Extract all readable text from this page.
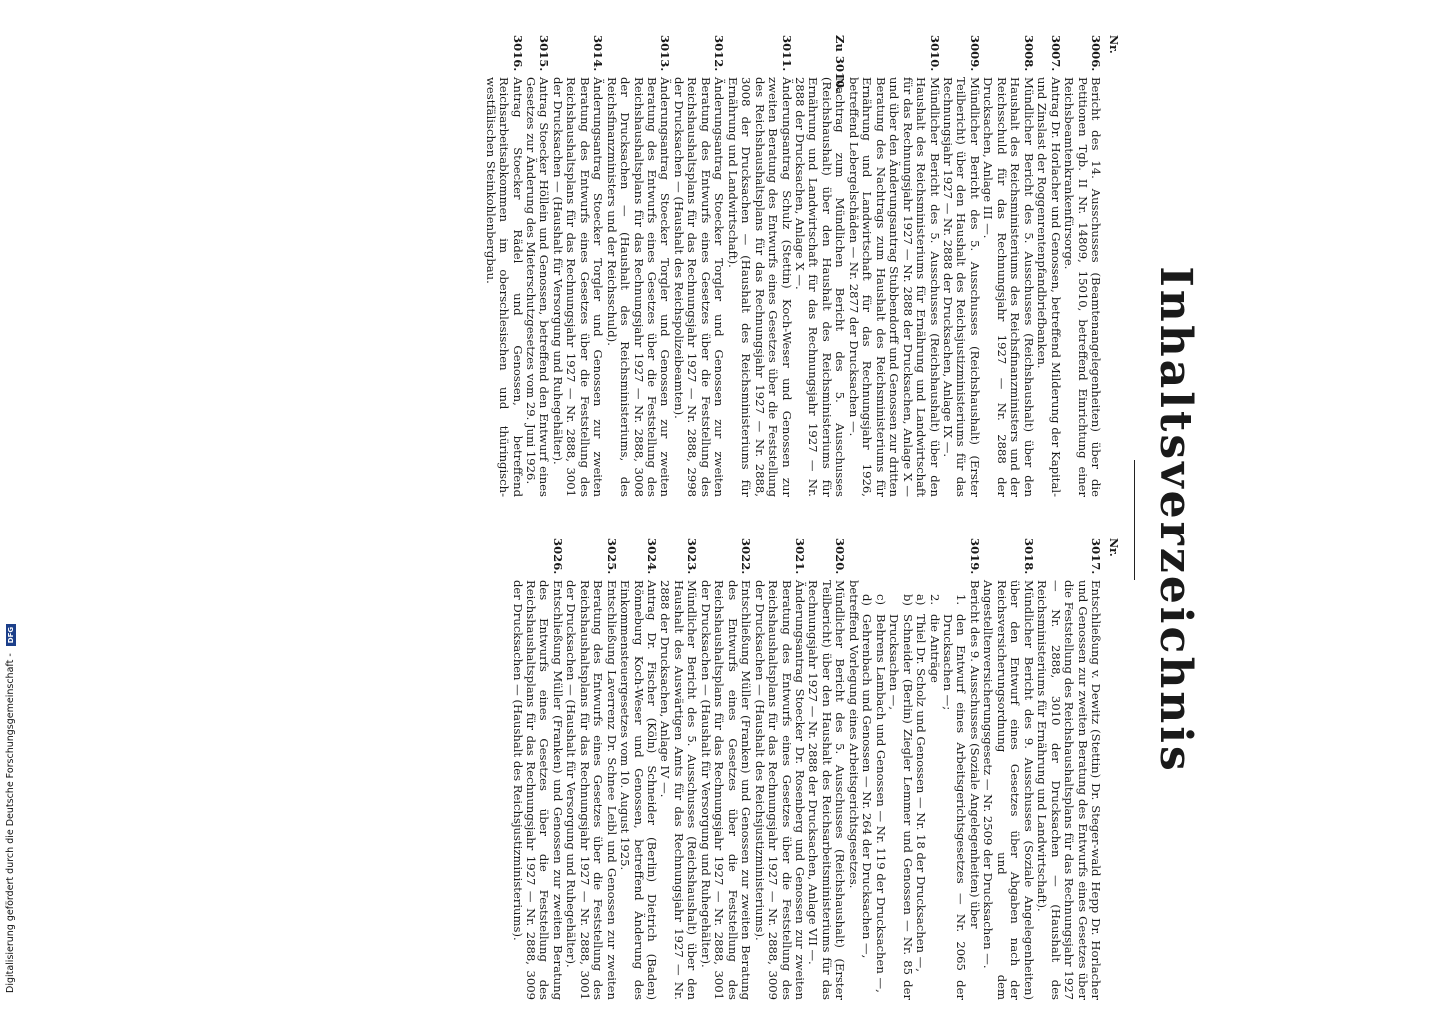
Inhaltsverzeichnis
Nr.
Nr.
3006.
Bericht des 14. Ausschusses (Beamtenangelegenheiten) über die Petitionen Tgb. II Nr. 14809, 15010, betreffend Einrichtung einer Reichsbeamtenkrankenfürsorge.
3007.
Antrag Dr. Horlacher und Genossen, betreffend Milderung der Kapital- und Zinslast der Roggenrentenpfandbriefbanken.
3008.
Mündlicher Bericht des 5. Ausschusses (Reichshaushalt) über den Haushalt des Reichsministeriums des Reichsfinanzministers und der Reichsschuld für das Rechnungsjahr 1927 — Nr. 2888 der Drucksachen, Anlage III —.
3009.
Mündlicher Bericht des 5. Ausschusses (Reichshaushalt) (Erster Teilbericht) über den Haushalt des Reichsjustizministeriums für das Rechnungsjahr 1927 — Nr. 2888 der Drucksachen, Anlage IX —.
3010.
Mündlicher Bericht des 5. Ausschusses (Reichshaushalt) über den Haushalt des Reichsministeriums für Ernährung und Landwirtschaft für das Rechnungsjahr 1927 — Nr. 2888 der Drucksachen, Anlage X — und über den Änderungsantrag Stubbendorff und Genossen zur dritten Beratung des Nachtrags zum Haushalt des Reichsministeriums für Ernährung und Landwirtschaft für das Rechnungsjahr 1926, betreffend Lebergelschäden — Nr. 2877 der Drucksachen —.
Zu 3010.
Nachtrag zum Mündlichen Bericht des 5. Ausschusses (Reichshaushalt) über den Haushalt des Reichsministeriums für Ernährung und Landwirtschaft für das Rechnungsjahr 1927 — Nr. 2888 der Drucksachen, Anlage X —.
3011.
Änderungsantrag Schulz (Stettin) Koch-Weser und Genossen zur zweiten Beratung des Entwurfs eines Gesetzes über die Feststellung des Reichshaushaltsplans für das Rechnungsjahr 1927 — Nr. 2888, 3008 der Drucksachen — (Haushalt des Reichsministeriums für Ernährung und Landwirtschaft).
3012.
Änderungsantrag Stoecker Torgler und Genossen zur zweiten Beratung des Entwurfs eines Gesetzes über die Feststellung des Reichshaushaltsplans für das Rechnungsjahr 1927 — Nr. 2888, 2998 der Drucksachen — (Haushalt des Reichspolizeibeamten).
3013.
Änderungsantrag Stoecker Torgler und Genossen zur zweiten Beratung des Entwurfs eines Gesetzes über die Feststellung des Reichshaushaltsplans für das Rechnungsjahr 1927 — Nr. 2888, 3008 der Drucksachen — (Haushalt des Reichsministeriums, des Reichsfinanzministers und der Reichsschuld).
3014.
Änderungsantrag Stoecker Torgler und Genossen zur zweiten Beratung des Entwurfs eines Gesetzes über die Feststellung des Reichshaushaltsplans für das Rechnungsjahr 1927 — Nr. 2888, 3001 der Drucksachen — (Haushalt für Versorgung und Ruhegehälter).
3015.
Antrag Stoecker Höllein und Genossen, betreffend den Entwurf eines Gesetzes zur Änderung des Mieterschutzgesetzes vom 29. Juni 1926.
3016.
Antrag Stoecker Rädel und Genossen, betreffend Reichsarbeitsabkommen im oberschlesischen und thüringisch-westfälischen Steinkohlenbergbau.
3017.
Entschließung v. Dewitz (Stettin) Dr. Steger-wald Hepp Dr. Horlacher und Genossen zur zweiten Beratung des Entwurfs eines Gesetzes über die Feststellung des Reichshaushaltsplans für das Rechnungsjahr 1927 — Nr. 2888, 3010 der Drucksachen — (Haushalt des Reichsministeriums für Ernährung und Landwirtschaft).
3018.
Mündlicher Bericht des 9. Ausschusses (Soziale Angelegenheiten) über den Entwurf eines Gesetzes über Abgaben nach der Reichsversicherungsordnung und dem Angestelltenversicherungsgesetz — Nr. 2509 der Drucksachen —.
3019.
Bericht des 9. Ausschusses (Soziale Angelegenheiten) über
1.
den Entwurf eines Arbeitsgerichtsgesetzes — Nr. 2065 der Drucksachen —;
2.
die Anträge
a)
Thiel Dr. Scholz und Genossen — Nr. 18 der Drucksachen —,
b)
Schneider (Berlin) Ziegler Lemmer und Genossen — Nr. 85 der Drucksachen —,
c)
Behrens Lambach und Genossen — Nr. 119 der Drucksachen —,
d)
Gehrenbach und Genossen — Nr. 264 der Drucksachen —,
betreffend Vorlegung eines Arbeitsgerichtsgesetzes.
3020.
Mündlicher Bericht des 5. Ausschusses (Reichshaushalt) (Erster Teilbericht) über den Haushalt des Reichsarbeitsministeriums für das Rechnungsjahr 1927 — Nr. 2888 der Drucksachen, Anlage VII —.
3021.
Änderungsantrag Stoecker Dr. Rosenberg und Genossen zur zweiten Beratung des Entwurfs eines Gesetzes über die Feststellung des Reichshaushaltsplans für das Rechnungsjahr 1927 — Nr. 2888, 3009 der Drucksachen — (Haushalt des Reichsjustizministeriums).
3022.
Entschließung Müller (Franken) und Genossen zur zweiten Beratung des Entwurfs eines Gesetzes über die Feststellung des Reichshaushaltsplans für das Rechnungsjahr 1927 — Nr. 2888, 3001 der Drucksachen — (Haushalt für Versorgung und Ruhegehälter).
3023.
Mündlicher Bericht des 5. Ausschusses (Reichshaushalt) über den Haushalt des Auswärtigen Amts für das Rechnungsjahr 1927 — Nr. 2888 der Drucksachen, Anlage IV —.
3024.
Antrag Dr. Fischer (Köln) Schneider (Berlin) Dietrich (Baden) Rönneburg Koch-Weser und Genossen, betreffend Änderung des Einkommensteuergesetzes vom 10. August 1925.
3025.
Entschließung Laverrenz Dr. Schnee Leibl und Genossen zur zweiten Beratung des Entwurfs eines Gesetzes über die Feststellung des Reichshaushaltsplans für das Rechnungsjahr 1927 — Nr. 2888, 3001 der Drucksachen — (Haushalt für Versorgung und Ruhegehälter).
3026.
Entschließung Müller (Franken) und Genossen zur zweiten Beratung des Entwurfs eines Gesetzes über die Feststellung des Reichshaushaltsplans für das Rechnungsjahr 1927 — Nr. 2888, 3009 der Drucksachen — (Haushalt des Reichsjustizministeriums).
Digitalisierung gefördert durch die Deutsche Forschungsgemeinschaft - DFG
